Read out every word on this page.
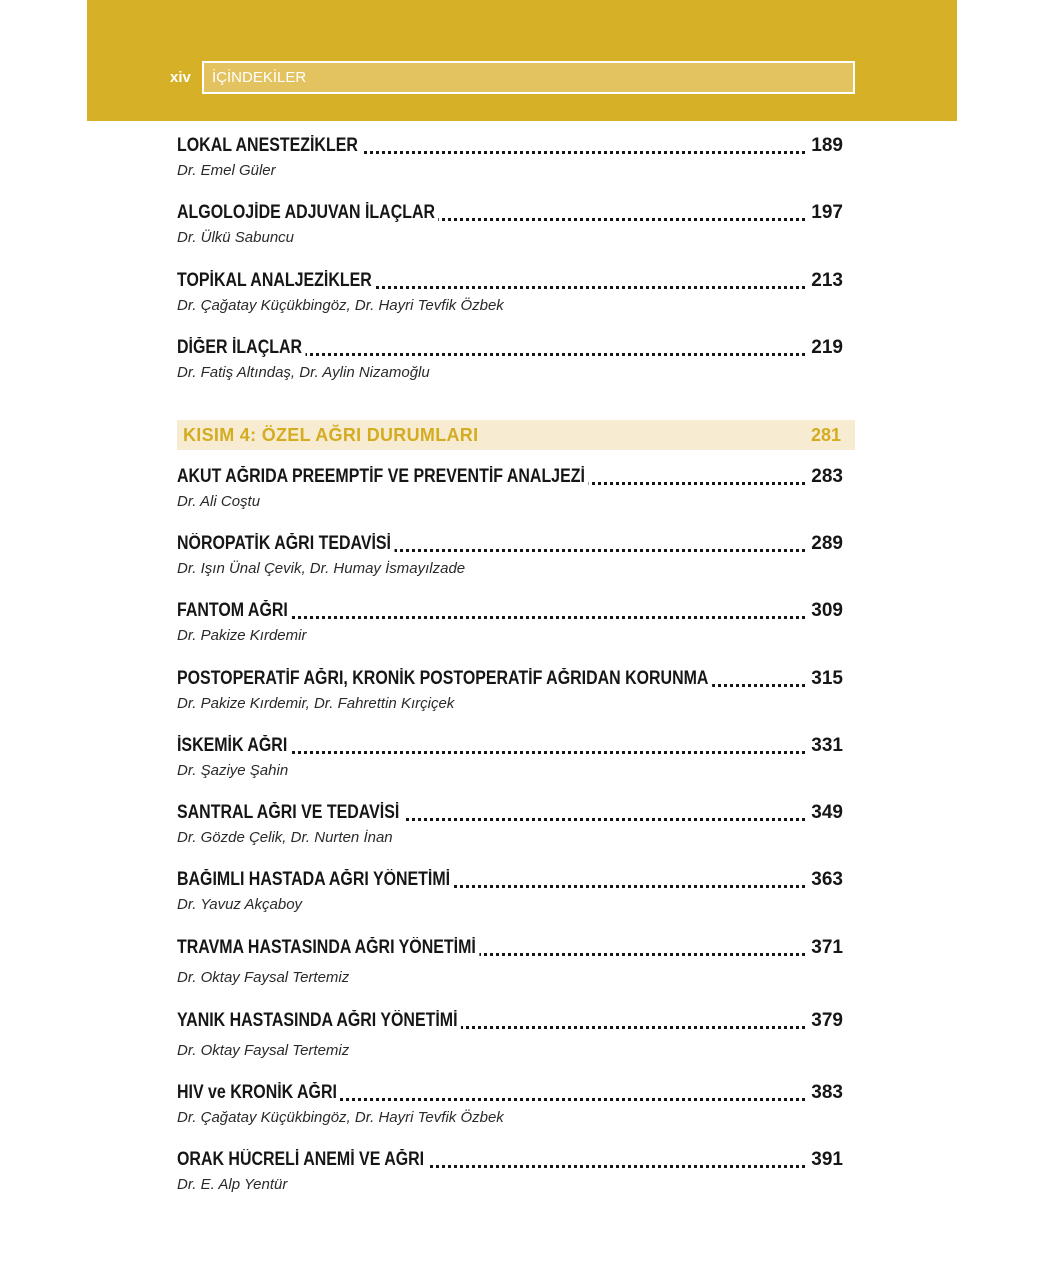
xiv İÇİNDEKİLER
LOKAL ANESTEZİKLER	189
Dr. Emel Güler
ALGOLOJİDE ADJUVAN İLAÇLAR	197
Dr. Ülkü Sabuncu
TOPİKAL ANALJEZİKLER	213
Dr. Çağatay Küçükbingöz, Dr. Hayri Tevfik Özbek
DİĞER İLAÇLAR	219
Dr. Fatiş Altındaş, Dr. Aylin Nizamoğlu
KISIM 4: ÖZEL AĞRI DURUMLARI	281
AKUT AĞRIDA PREEMPTİF VE PREVENTİF ANALJEZİ	283
Dr. Ali Coştu
NÖROPATİK AĞRI TEDAVİSİ	289
Dr. Işın Ünal Çevik, Dr. Humay İsmayılzade
FANTOM AĞRI	309
Dr. Pakize Kırdemir
POSTOPERATİF AĞRI, KRONİK POSTOPERATİF AĞRIDAN KORUNMA	315
Dr. Pakize Kırdemir, Dr. Fahrettin Kırçiçek
İSKEMİK AĞRI	331
Dr. Şaziye Şahin
SANTRAL AĞRI VE TEDAVİSİ	349
Dr. Gözde Çelik, Dr. Nurten İnan
BAĞIMLI HASTADA AĞRI YÖNETİMİ	363
Dr. Yavuz Akçaboy
TRAVMA HASTASINDA AĞRI YÖNETİMİ	371
Dr. Oktay Faysal Tertemiz
YANIK HASTASINDA AĞRI YÖNETİMİ	379
Dr. Oktay Faysal Tertemiz
HIV ve KRONİK AĞRI	383
Dr. Çağatay Küçükbingöz, Dr. Hayri Tevfik Özbek
ORAK HÜCRELİ ANEMİ VE AĞRI	391
Dr. E. Alp Yentür
